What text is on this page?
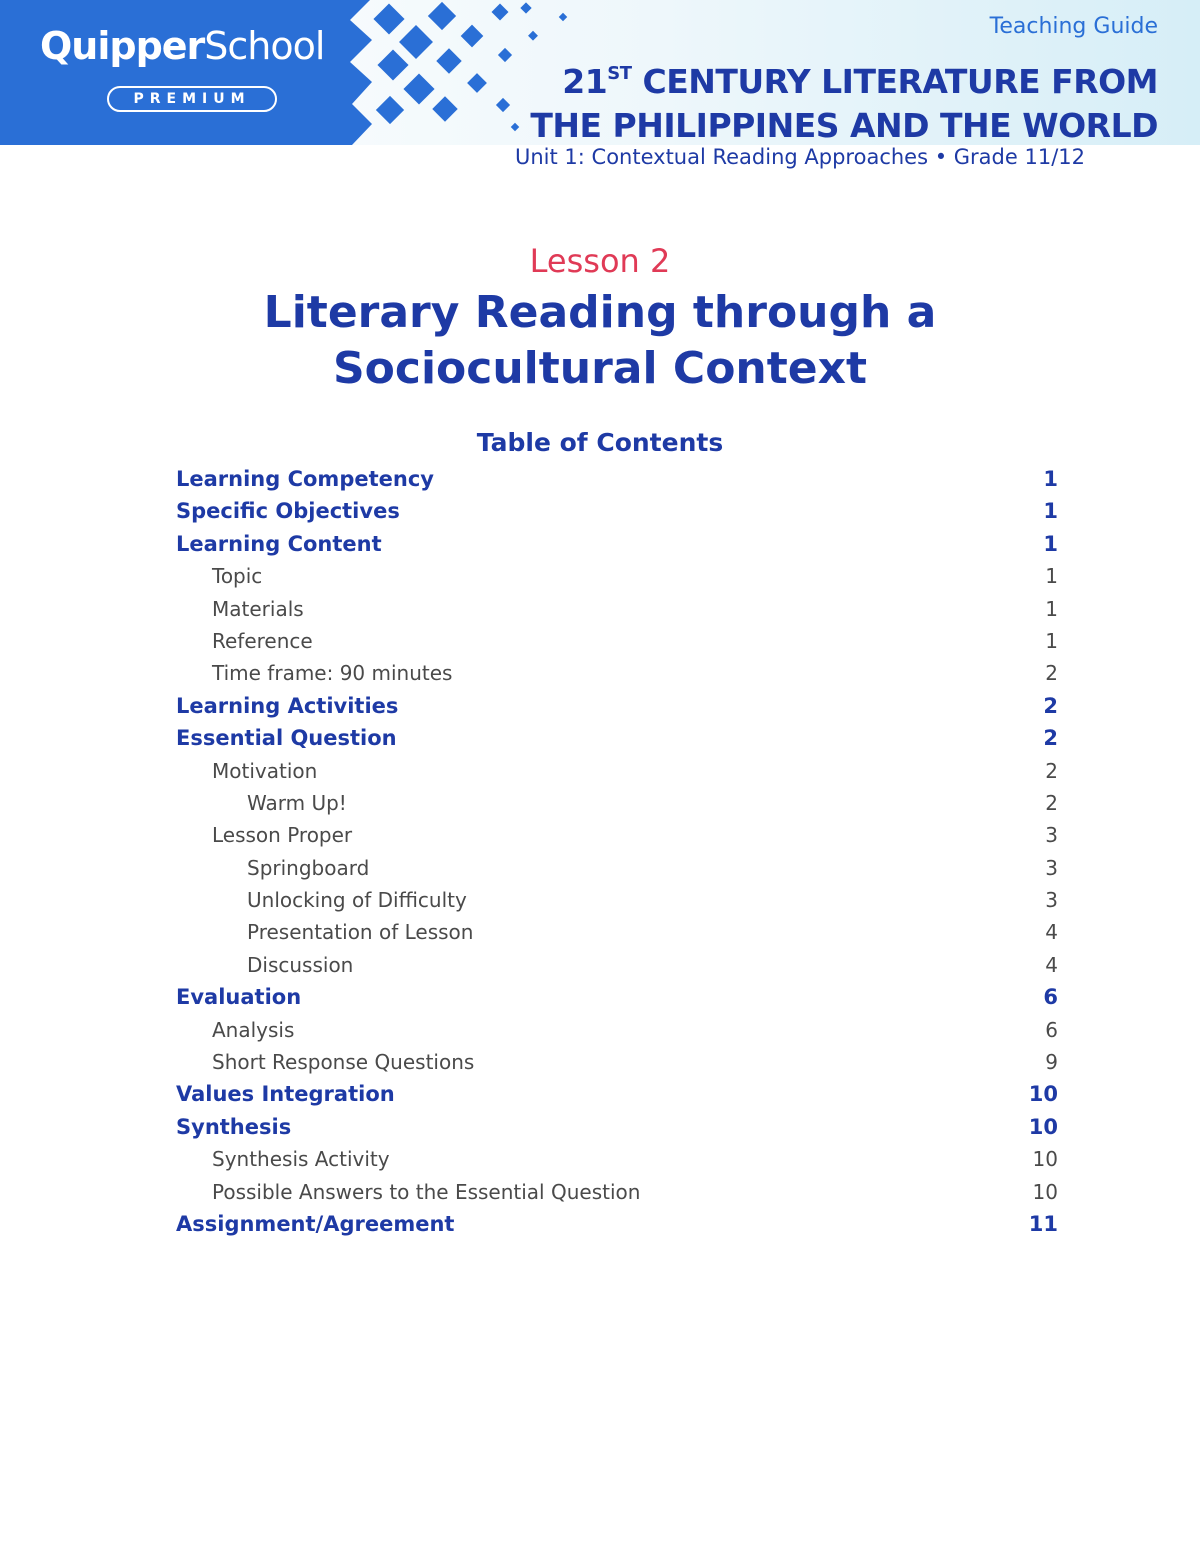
QuipperSchool
PREMIUM
Teaching Guide
21ST CENTURY LITERATURE FROM
THE PHILIPPINES AND THE WORLD
Unit 1: Contextual Reading Approaches • Grade 11/12
Lesson 2
Literary Reading through a
Sociocultural Context
Table of Contents
Learning Competency	1
Specific Objectives	1
Learning Content	1
Topic	1
Materials	1
Reference	1
Time frame: 90 minutes	2
Learning Activities	2
Essential Question	2
Motivation	2
Warm Up!	2
Lesson Proper	3
Springboard	3
Unlocking of Difficulty	3
Presentation of Lesson	4
Discussion	4
Evaluation	6
Analysis	6
Short Response Questions	9
Values Integration	10
Synthesis	10
Synthesis Activity	10
Possible Answers to the Essential Question	10
Assignment/Agreement	11
